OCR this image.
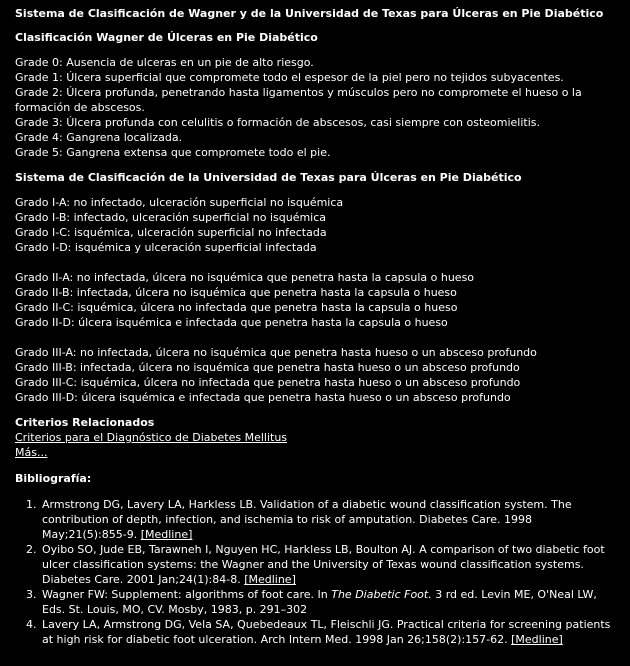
Sistema de Clasificación de Wagner y de la Universidad de Texas para Úlceras en Pie Diabético
Clasificación Wagner de Úlceras en Pie Diabético
Grade 0: Ausencia de ulceras en un pie de alto riesgo.
Grade 1: Úlcera superficial que compromete todo el espesor de la piel pero no tejidos subyacentes.
Grade 2: Úlcera profunda, penetrando hasta ligamentos y músculos pero no compromete el hueso o la formación de abscesos.
Grade 3: Úlcera profunda con celulitis o formación de abscesos, casi siempre con osteomielitis.
Grade 4: Gangrena localizada.
Grade 5: Gangrena extensa que compromete todo el pie.
Sistema de Clasificación de la Universidad de Texas para Úlceras en Pie Diabético
Grado I-A: no infectado, ulceración superficial no isquémica
Grado I-B: infectado, ulceración superficial no isquémica
Grado I-C: isquémica, ulceración superficial no infectada
Grado I-D: isquémica y ulceración superficial infectada
Grado II-A: no infectada, úlcera no isquémica que penetra hasta la capsula o hueso
Grado II-B: infectada, úlcera no isquémica que penetra hasta la capsula o hueso
Grado II-C: isquémica, úlcera no infectada que penetra hasta la capsula o hueso
Grado II-D: úlcera isquémica e infectada que penetra hasta la capsula o hueso
Grado III-A: no infectada, úlcera no isquémica que penetra hasta hueso o un absceso profundo
Grado III-B: infectada, úlcera no isquémica que penetra hasta hueso o un absceso profundo
Grado III-C: isquémica, úlcera no infectada que penetra hasta hueso o un absceso profundo
Grado III-D: úlcera isquémica e infectada que penetra hasta hueso o un absceso profundo
Criterios Relacionados
Criterios para el Diagnóstico de Diabetes Mellitus
Más...
Bibliografía:
1. Armstrong DG, Lavery LA, Harkless LB. Validation of a diabetic wound classification system. The contribution of depth, infection, and ischemia to risk of amputation. Diabetes Care. 1998 May;21(5):855-9. [Medline]
2. Oyibo SO, Jude EB, Tarawneh I, Nguyen HC, Harkless LB, Boulton AJ. A comparison of two diabetic foot ulcer classification systems: the Wagner and the University of Texas wound classification systems. Diabetes Care. 2001 Jan;24(1):84-8. [Medline]
3. Wagner FW: Supplement: algorithms of foot care. In The Diabetic Foot. 3 rd ed. Levin ME, O'Neal LW, Eds. St. Louis, MO, CV. Mosby, 1983, p. 291–302
4. Lavery LA, Armstrong DG, Vela SA, Quebedeaux TL, Fleischli JG. Practical criteria for screening patients at high risk for diabetic foot ulceration. Arch Intern Med. 1998 Jan 26;158(2):157-62. [Medline]
